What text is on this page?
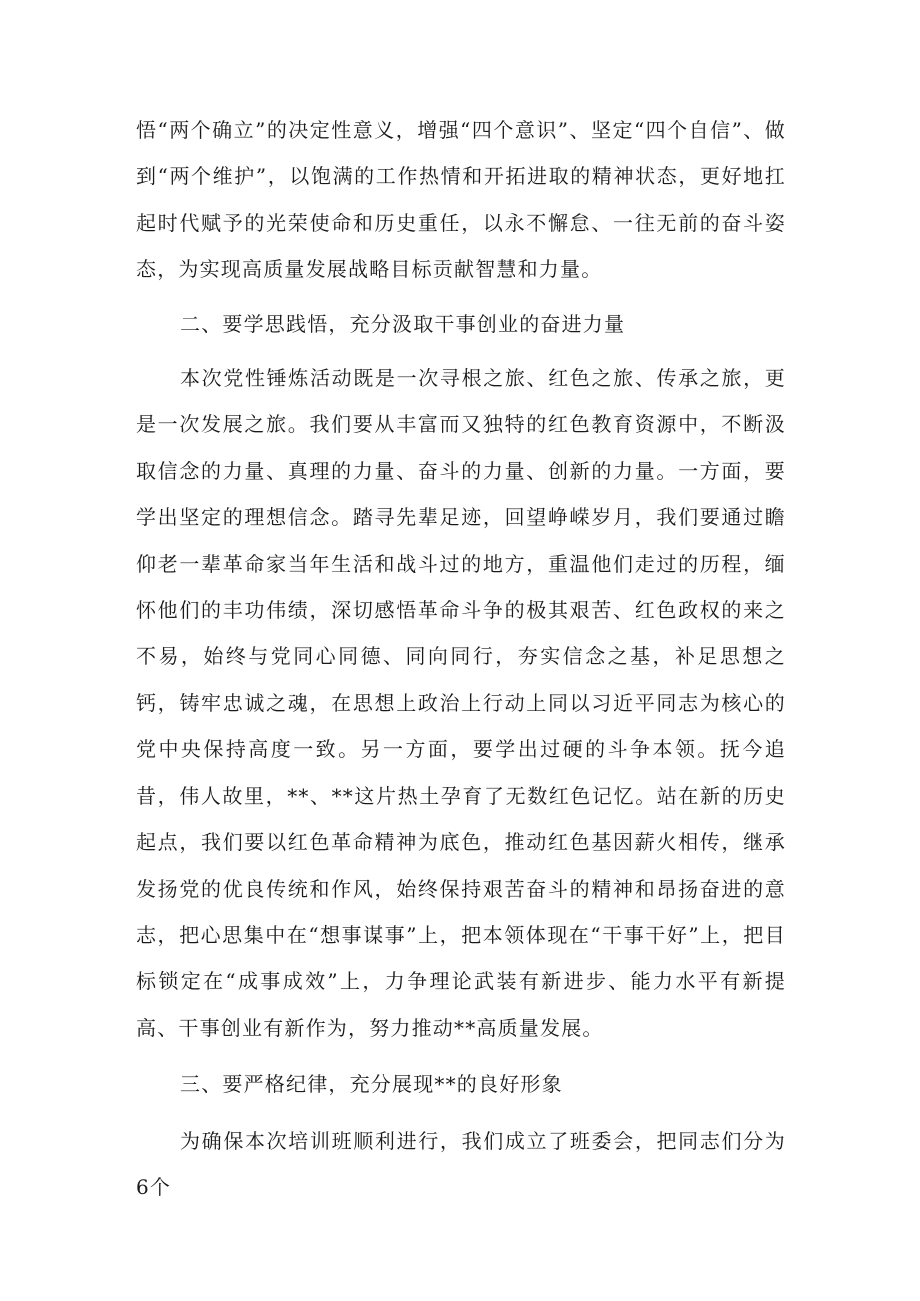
悟“两个确立”的决定性意义，增强“四个意识”、坚定“四个自信”、做到“两个维护”，以饱满的工作热情和开拓进取的精神状态，更好地扛起时代赋予的光荣使命和历史重任，以永不懈怠、一往无前的奋斗姿态，为实现高质量发展战略目标贡献智慧和力量。

二、要学思践悟，充分汲取干事创业的奋进力量

本次党性锤炼活动既是一次寻根之旅、红色之旅、传承之旅，更是一次发展之旅。我们要从丰富而又独特的红色教育资源中，不断汲取信念的力量、真理的力量、奋斗的力量、创新的力量。一方面，要学出坚定的理想信念。踏寻先辈足迹，回望峥嵘岁月，我们要通过瞻仰老一辈革命家当年生活和战斗过的地方，重温他们走过的历程，缅怀他们的丰功伟绩，深切感悟革命斗争的极其艰苦、红色政权的来之不易，始终与党同心同德、同向同行，夯实信念之基，补足思想之钙，铸牢忠诚之魂，在思想上政治上行动上同以习近平同志为核心的党中央保持高度一致。另一方面，要学出过硬的斗争本领。抚今追昔，伟人故里，**、**这片热土孕育了无数红色记忆。站在新的历史起点，我们要以红色革命精神为底色，推动红色基因薪火相传，继承发扬党的优良传统和作风，始终保持艰苦奋斗的精神和昂扬奋进的意志，把心思集中在“想事谋事”上，把本领体现在“干事干好”上，把目标锁定在“成事成效”上，力争理论武装有新进步、能力水平有新提高、干事创业有新作为，努力推动**高质量发展。

三、要严格纪律，充分展现**的良好形象

为确保本次培训班顺利进行，我们成立了班委会，把同志们分为6个
